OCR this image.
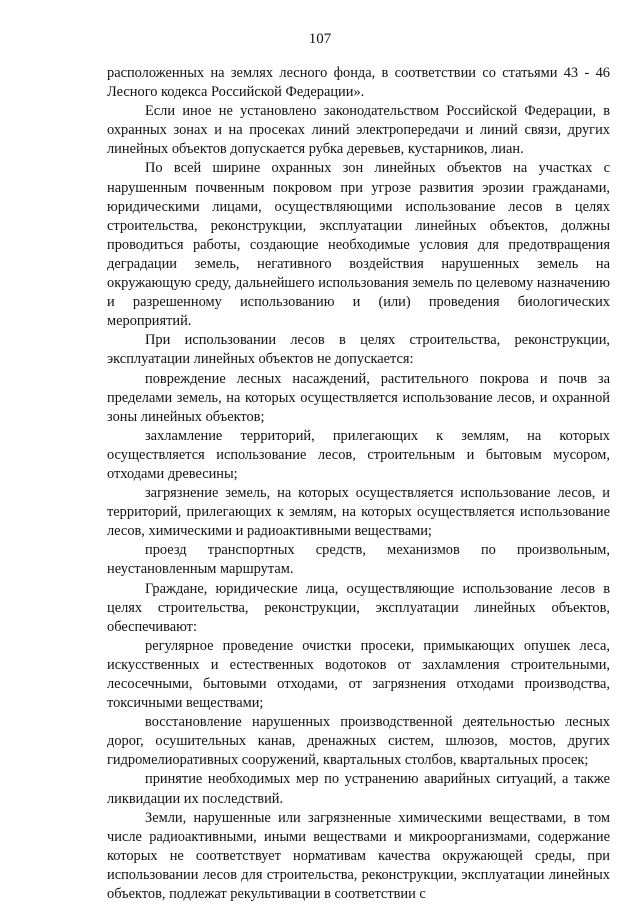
107

расположенных на землях лесного фонда, в соответствии со статьями 43 - 46 Лесного кодекса Российской Федерации».

Если иное не установлено законодательством Российской Федерации, в охранных зонах и на просеках линий электропередачи и линий связи, других линейных объектов допускается рубка деревьев, кустарников, лиан.

По всей ширине охранных зон линейных объектов на участках с нарушенным почвенным покровом при угрозе развития эрозии гражданами, юридическими лицами, осуществляющими использование лесов в целях строительства, реконструкции, эксплуатации линейных объектов, должны проводиться работы, создающие необходимые условия для предотвращения деградации земель, негативного воздействия нарушенных земель на окружающую среду, дальнейшего использования земель по целевому назначению и разрешенному использованию и (или) проведения биологических мероприятий.

При использовании лесов в целях строительства, реконструкции, эксплуатации линейных объектов не допускается:

повреждение лесных насаждений, растительного покрова и почв за пределами земель, на которых осуществляется использование лесов, и охранной зоны линейных объектов;

захламление территорий, прилегающих к землям, на которых осуществляется использование лесов, строительным и бытовым мусором, отходами древесины;

загрязнение земель, на которых осуществляется использование лесов, и территорий, прилегающих к землям, на которых осуществляется использование лесов, химическими и радиоактивными веществами;

проезд транспортных средств, механизмов по произвольным, неустановленным маршрутам.

Граждане, юридические лица, осуществляющие использование лесов в целях строительства, реконструкции, эксплуатации линейных объектов, обеспечивают:

регулярное проведение очистки просеки, примыкающих опушек леса, искусственных и естественных водотоков от захламления строительными, лесосечными, бытовыми отходами, от загрязнения отходами производства, токсичными веществами;

восстановление нарушенных производственной деятельностью лесных дорог, осушительных канав, дренажных систем, шлюзов, мостов, других гидромелиоративных сооружений, квартальных столбов, квартальных просек;

принятие необходимых мер по устранению аварийных ситуаций, а также ликвидации их последствий.

Земли, нарушенные или загрязненные химическими веществами, в том числе радиоактивными, иными веществами и микроорганизмами, содержание которых не соответствует нормативам качества окружающей среды, при использовании лесов для строительства, реконструкции, эксплуатации линейных объектов, подлежат рекультивации в соответствии с
